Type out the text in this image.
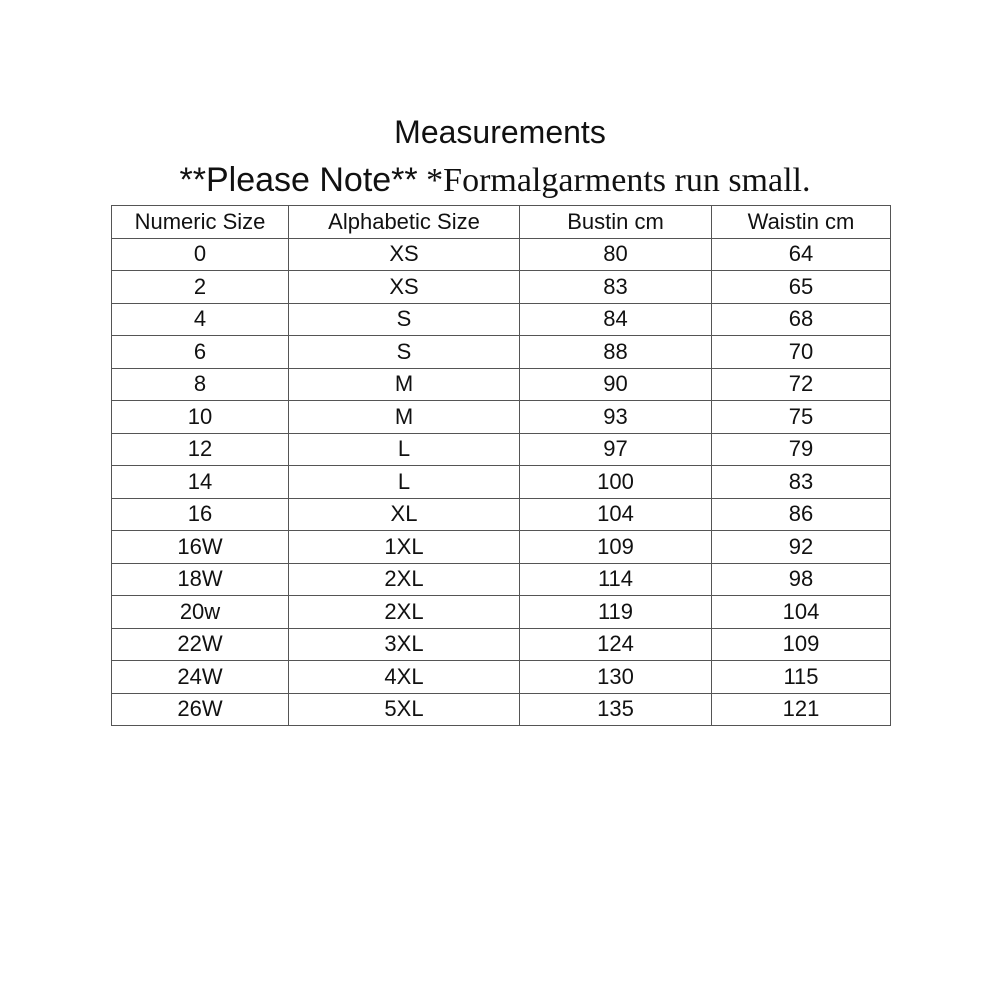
Measurements

**Please Note** *Formalgarments run small.

Numeric Size	Alphabetic Size	Bustin cm	Waistin cm
0	XS	80	64
2	XS	83	65
4	S	84	68
6	S	88	70
8	M	90	72
10	M	93	75
12	L	97	79
14	L	100	83
16	XL	104	86
16W	1XL	109	92
18W	2XL	114	98
20w	2XL	119	104
22W	3XL	124	109
24W	4XL	130	115
26W	5XL	135	121
